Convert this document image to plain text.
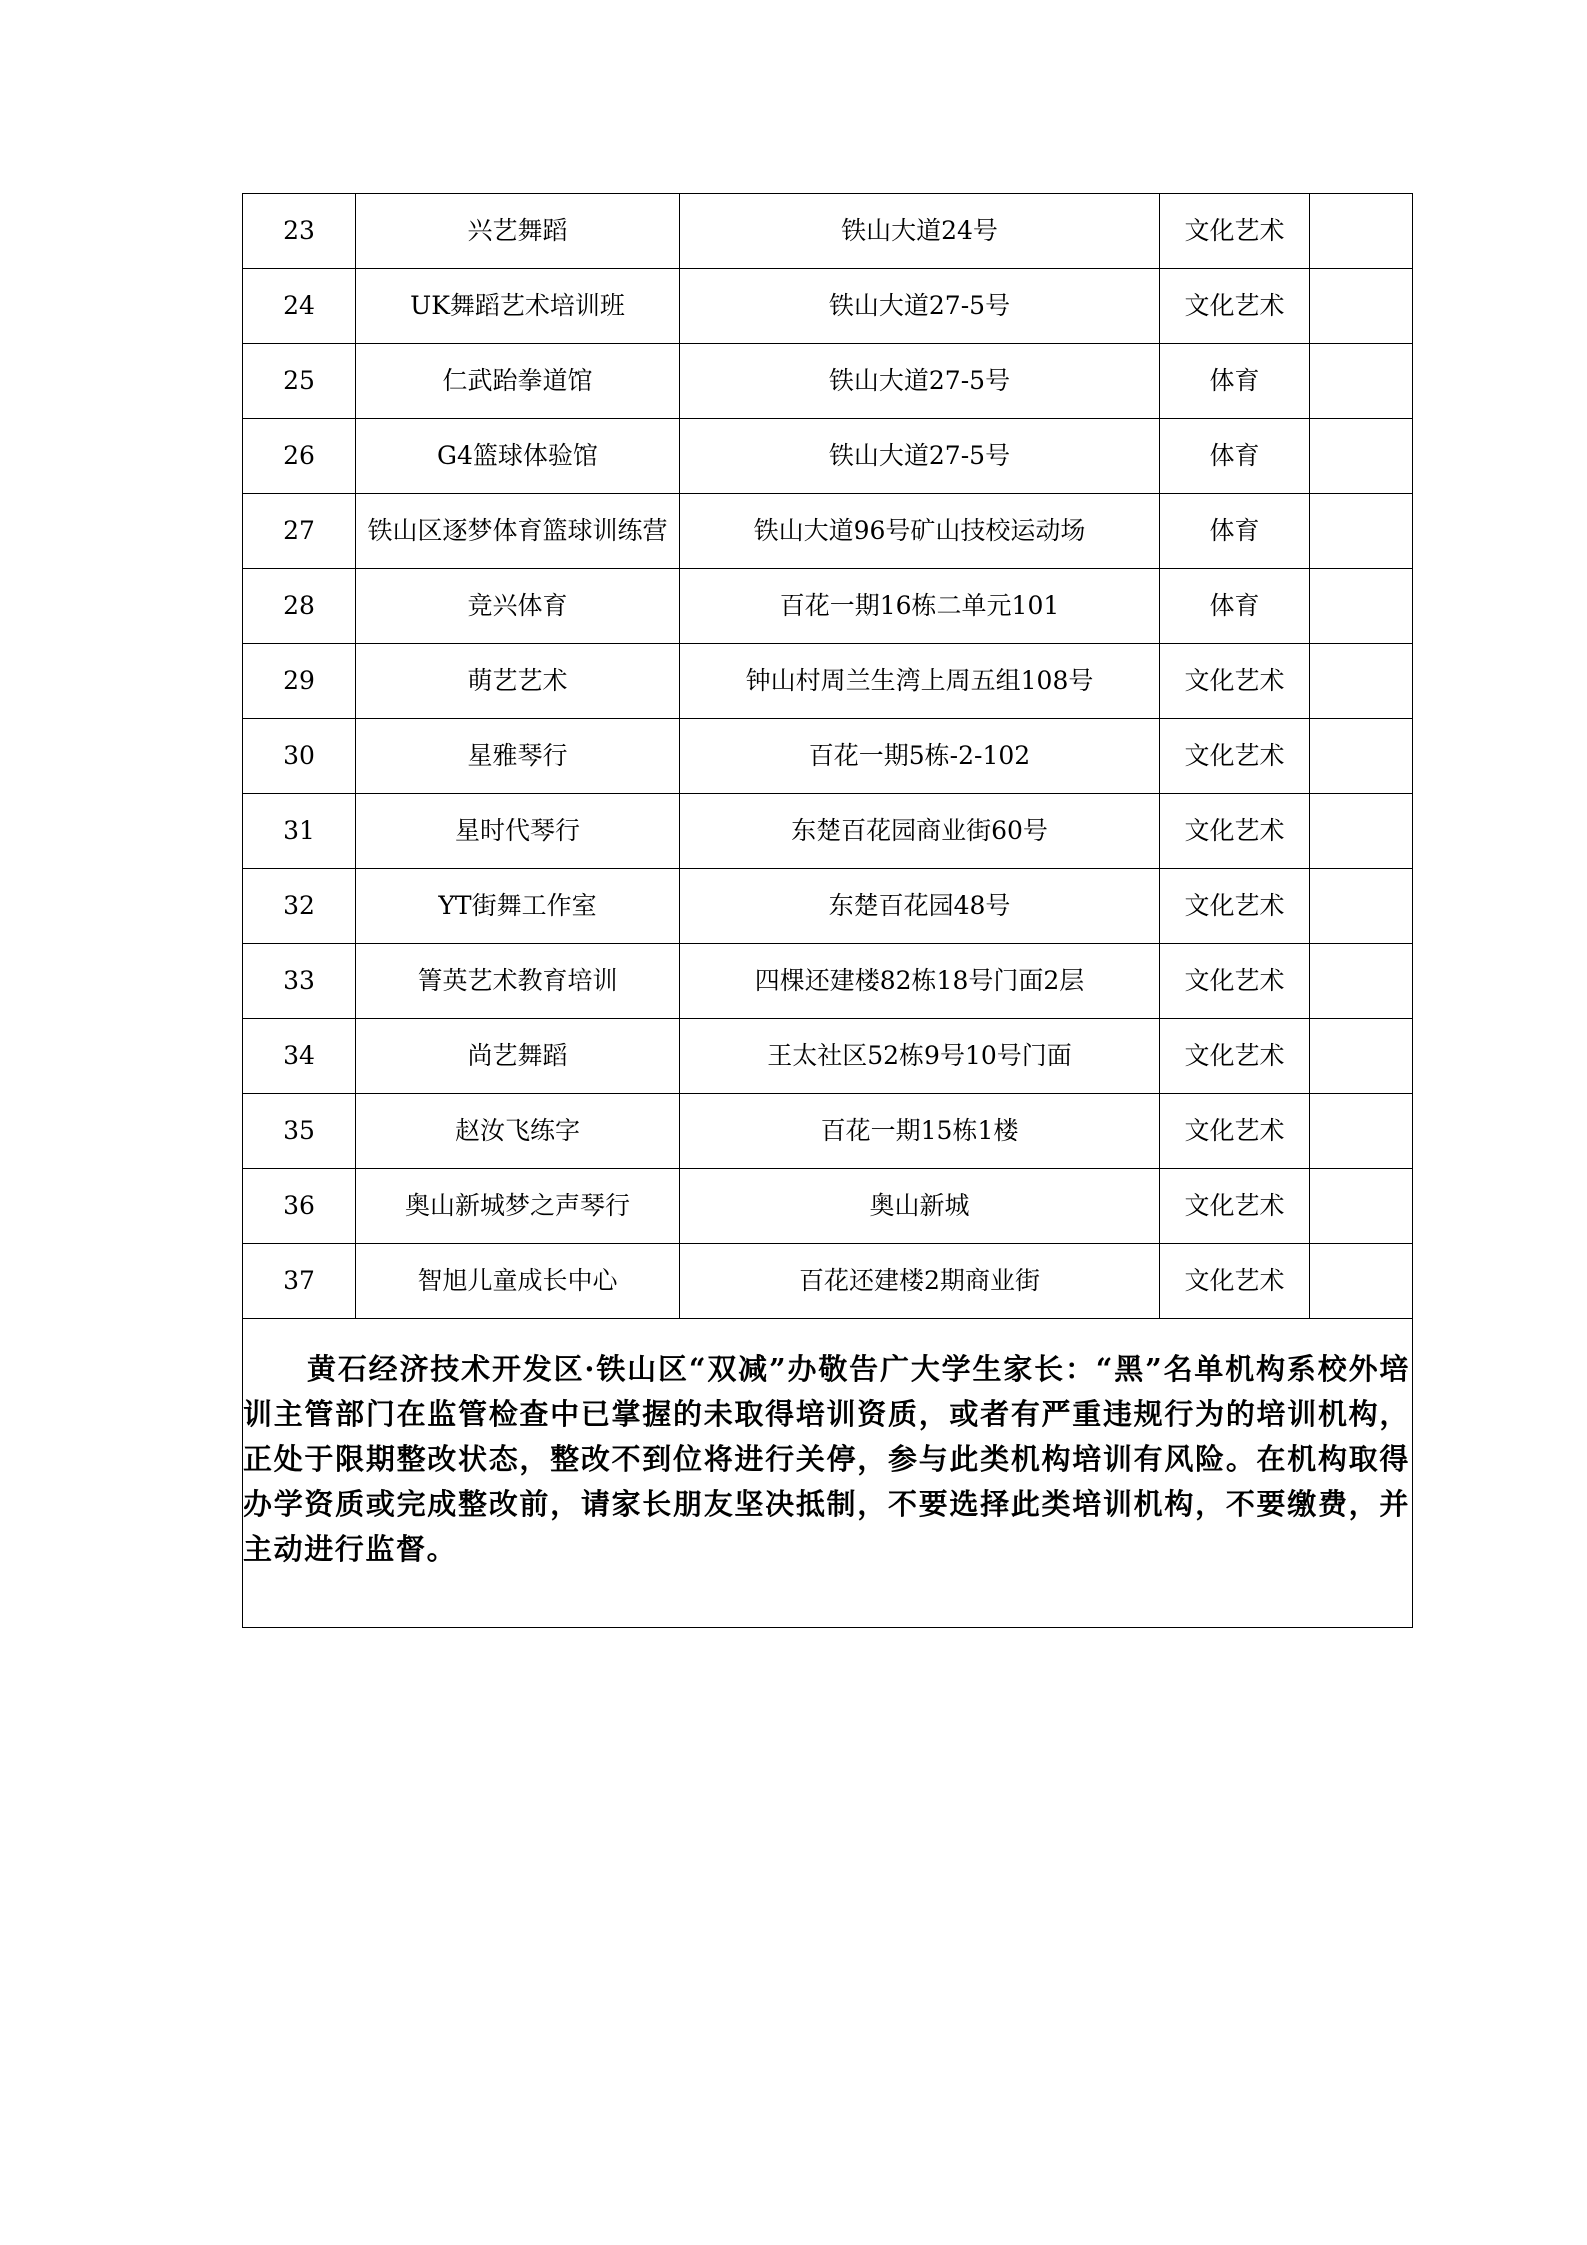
23	兴艺舞蹈	铁山大道24号	文化艺术	
24	UK舞蹈艺术培训班	铁山大道27-5号	文化艺术	
25	仁武跆拳道馆	铁山大道27-5号	体育	
26	G4篮球体验馆	铁山大道27-5号	体育	
27	铁山区逐梦体育篮球训练营	铁山大道96号矿山技校运动场	体育	
28	竞兴体育	百花一期16栋二单元101	体育	
29	萌艺艺术	钟山村周兰生湾上周五组108号	文化艺术	
30	星雅琴行	百花一期5栋-2-102	文化艺术	
31	星时代琴行	东楚百花园商业街60号	文化艺术	
32	YT街舞工作室	东楚百花园48号	文化艺术	
33	箐英艺术教育培训	四棵还建楼82栋18号门面2层	文化艺术	
34	尚艺舞蹈	王太社区52栋9号10号门面	文化艺术	
35	赵汝飞练字	百花一期15栋1楼	文化艺术	
36	奥山新城梦之声琴行	奥山新城	文化艺术	
37	智旭儿童成长中心	百花还建楼2期商业街	文化艺术	

黄石经济技术开发区·铁山区“双减”办敬告广大学生家长：“黑”名单机构系校外培训主管部门在监管检查中已掌握的未取得培训资质，或者有严重违规行为的培训机构，正处于限期整改状态，整改不到位将进行关停，参与此类机构培训有风险。在机构取得办学资质或完成整改前，请家长朋友坚决抵制，不要选择此类培训机构，不要缴费，并主动进行监督。				
